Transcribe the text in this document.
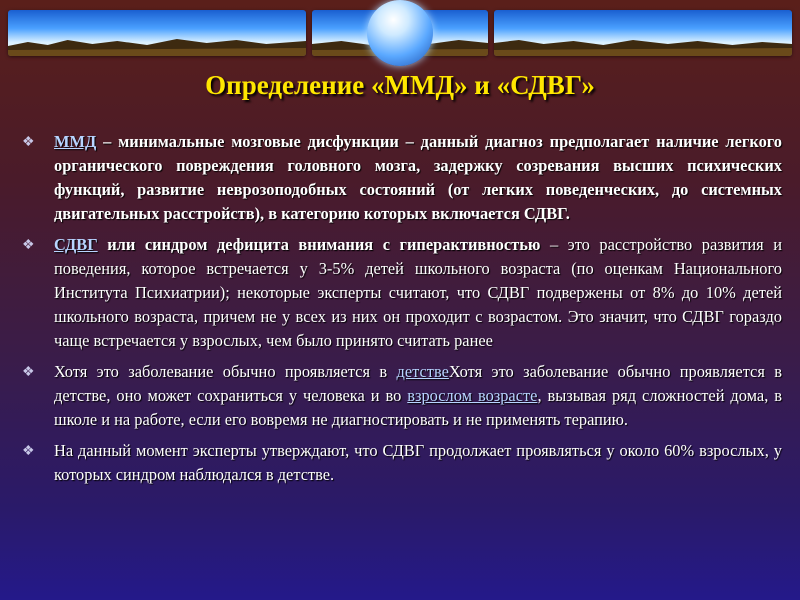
Определение «ММД» и «СДВГ»
❖	ММД – минимальные мозговые дисфункции – данный диагноз предполагает наличие легкого органического повреждения головного мозга, задержку созревания высших психических функций, развитие неврозоподобных состояний (от легких поведенческих, до системных двигательных расстройств), в категорию которых включается СДВГ.
❖	СДВГ или синдром дефицита внимания с гиперактивностью – это расстройство развития и поведения, которое встречается у 3-5% детей школьного возраста (по оценкам Национального Института Психиатрии); некоторые эксперты считают, что СДВГ подвержены от 8% до 10% детей школьного возраста, причем не у всех из них он проходит с возрастом. Это значит, что СДВГ гораздо чаще встречается у взрослых, чем было принято считать ранее
❖	Хотя это заболевание обычно проявляется в детствеХотя это заболевание обычно проявляется в детстве, оно может сохраниться у человека и во взрослом возрасте, вызывая ряд сложностей дома, в школе и на работе, если его вовремя не диагностировать и не применять терапию.
❖	На данный момент эксперты утверждают, что СДВГ продолжает проявляться у около 60% взрослых, у которых синдром наблюдался в детстве.
